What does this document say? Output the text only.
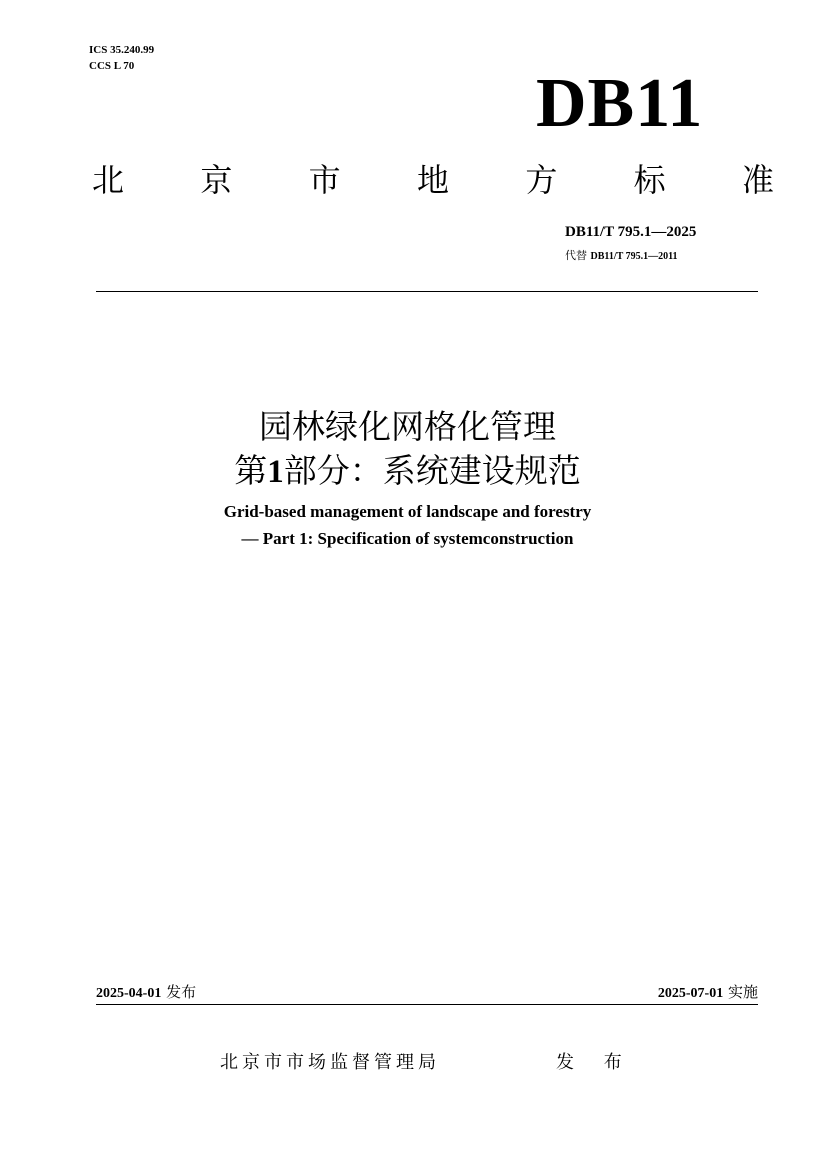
ICS 35.240.99
CCS L 70	DB11
北 京 市 地 方 标 准
DB11/T 795.1—2025
代替 DB11/T 795.1—2011
园林绿化网格化管理
第1部分：系统建设规范
Grid-based management of landscape and forestry
— Part 1: Specification of systemconstruction
2025-04-01 发布	2025-07-01 实施
北京市市场监督管理局	发 布
